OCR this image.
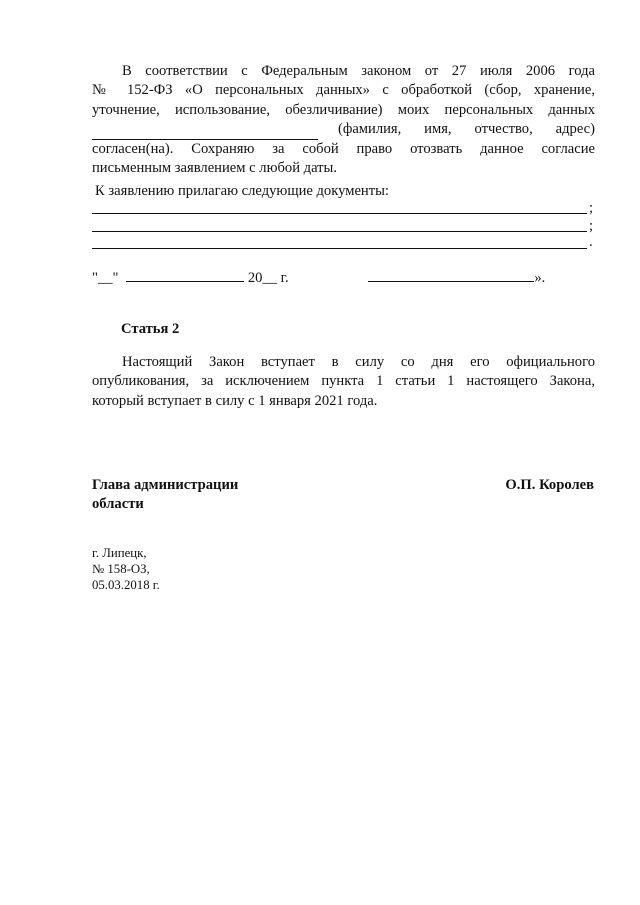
В соответствии с Федеральным законом от 27 июля 2006 года
№ 152-ФЗ «О персональных данных» с обработкой (сбор, хранение,
уточнение, использование, обезличивание) моих персональных данных
(фамилия, имя, отчество, адрес)
согласен(на). Сохраняю за собой право отозвать данное согласие
письменным заявлением с любой даты.
К заявлению прилагаю следующие документы:
;
;
.
"__"	20__ г.	».
Статья 2
Настоящий Закон вступает в силу со дня его официального
опубликования, за исключением пункта 1 статьи 1 настоящего Закона,
который вступает в силу с 1 января 2021 года.
Глава администрации
области
О.П. Королев
г. Липецк,
№ 158-ОЗ,
05.03.2018 г.
